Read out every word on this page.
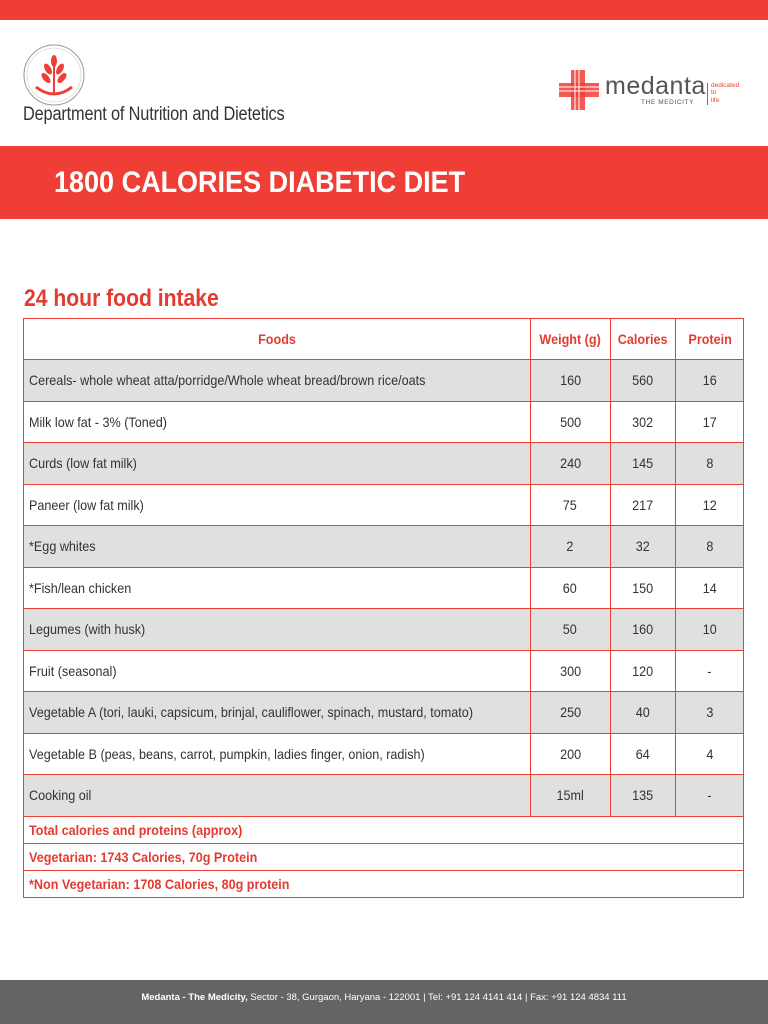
Department of Nutrition and Dietetics
medanta
THE MEDICITY
dedicated
to
life
1800 CALORIES DIABETIC DIET
24 hour food intake
Foods	Weight (g)	Calories	Protein
Cereals- whole wheat atta/porridge/Whole wheat bread/brown rice/oats	160	560	16
Milk low fat - 3% (Toned)	500	302	17
Curds (low fat milk)	240	145	8
Paneer (low fat milk)	75	217	12
*Egg whites	2	32	8
*Fish/lean chicken	60	150	14
Legumes (with husk)	50	160	10
Fruit (seasonal)	300	120	-
Vegetable A (tori, lauki, capsicum, brinjal, cauliflower, spinach, mustard, tomato)	250	40	3
Vegetable B (peas, beans, carrot, pumpkin, ladies finger, onion, radish)	200	64	4
Cooking oil	15ml	135	-
Total calories and proteins (approx)			
Vegetarian: 1743 Calories, 70g Protein			
*Non Vegetarian: 1708 Calories, 80g protein			
Medanta - The Medicity, Sector - 38, Gurgaon, Haryana - 122001 | Tel: +91 124 4141 414 | Fax: +91 124 4834 111
